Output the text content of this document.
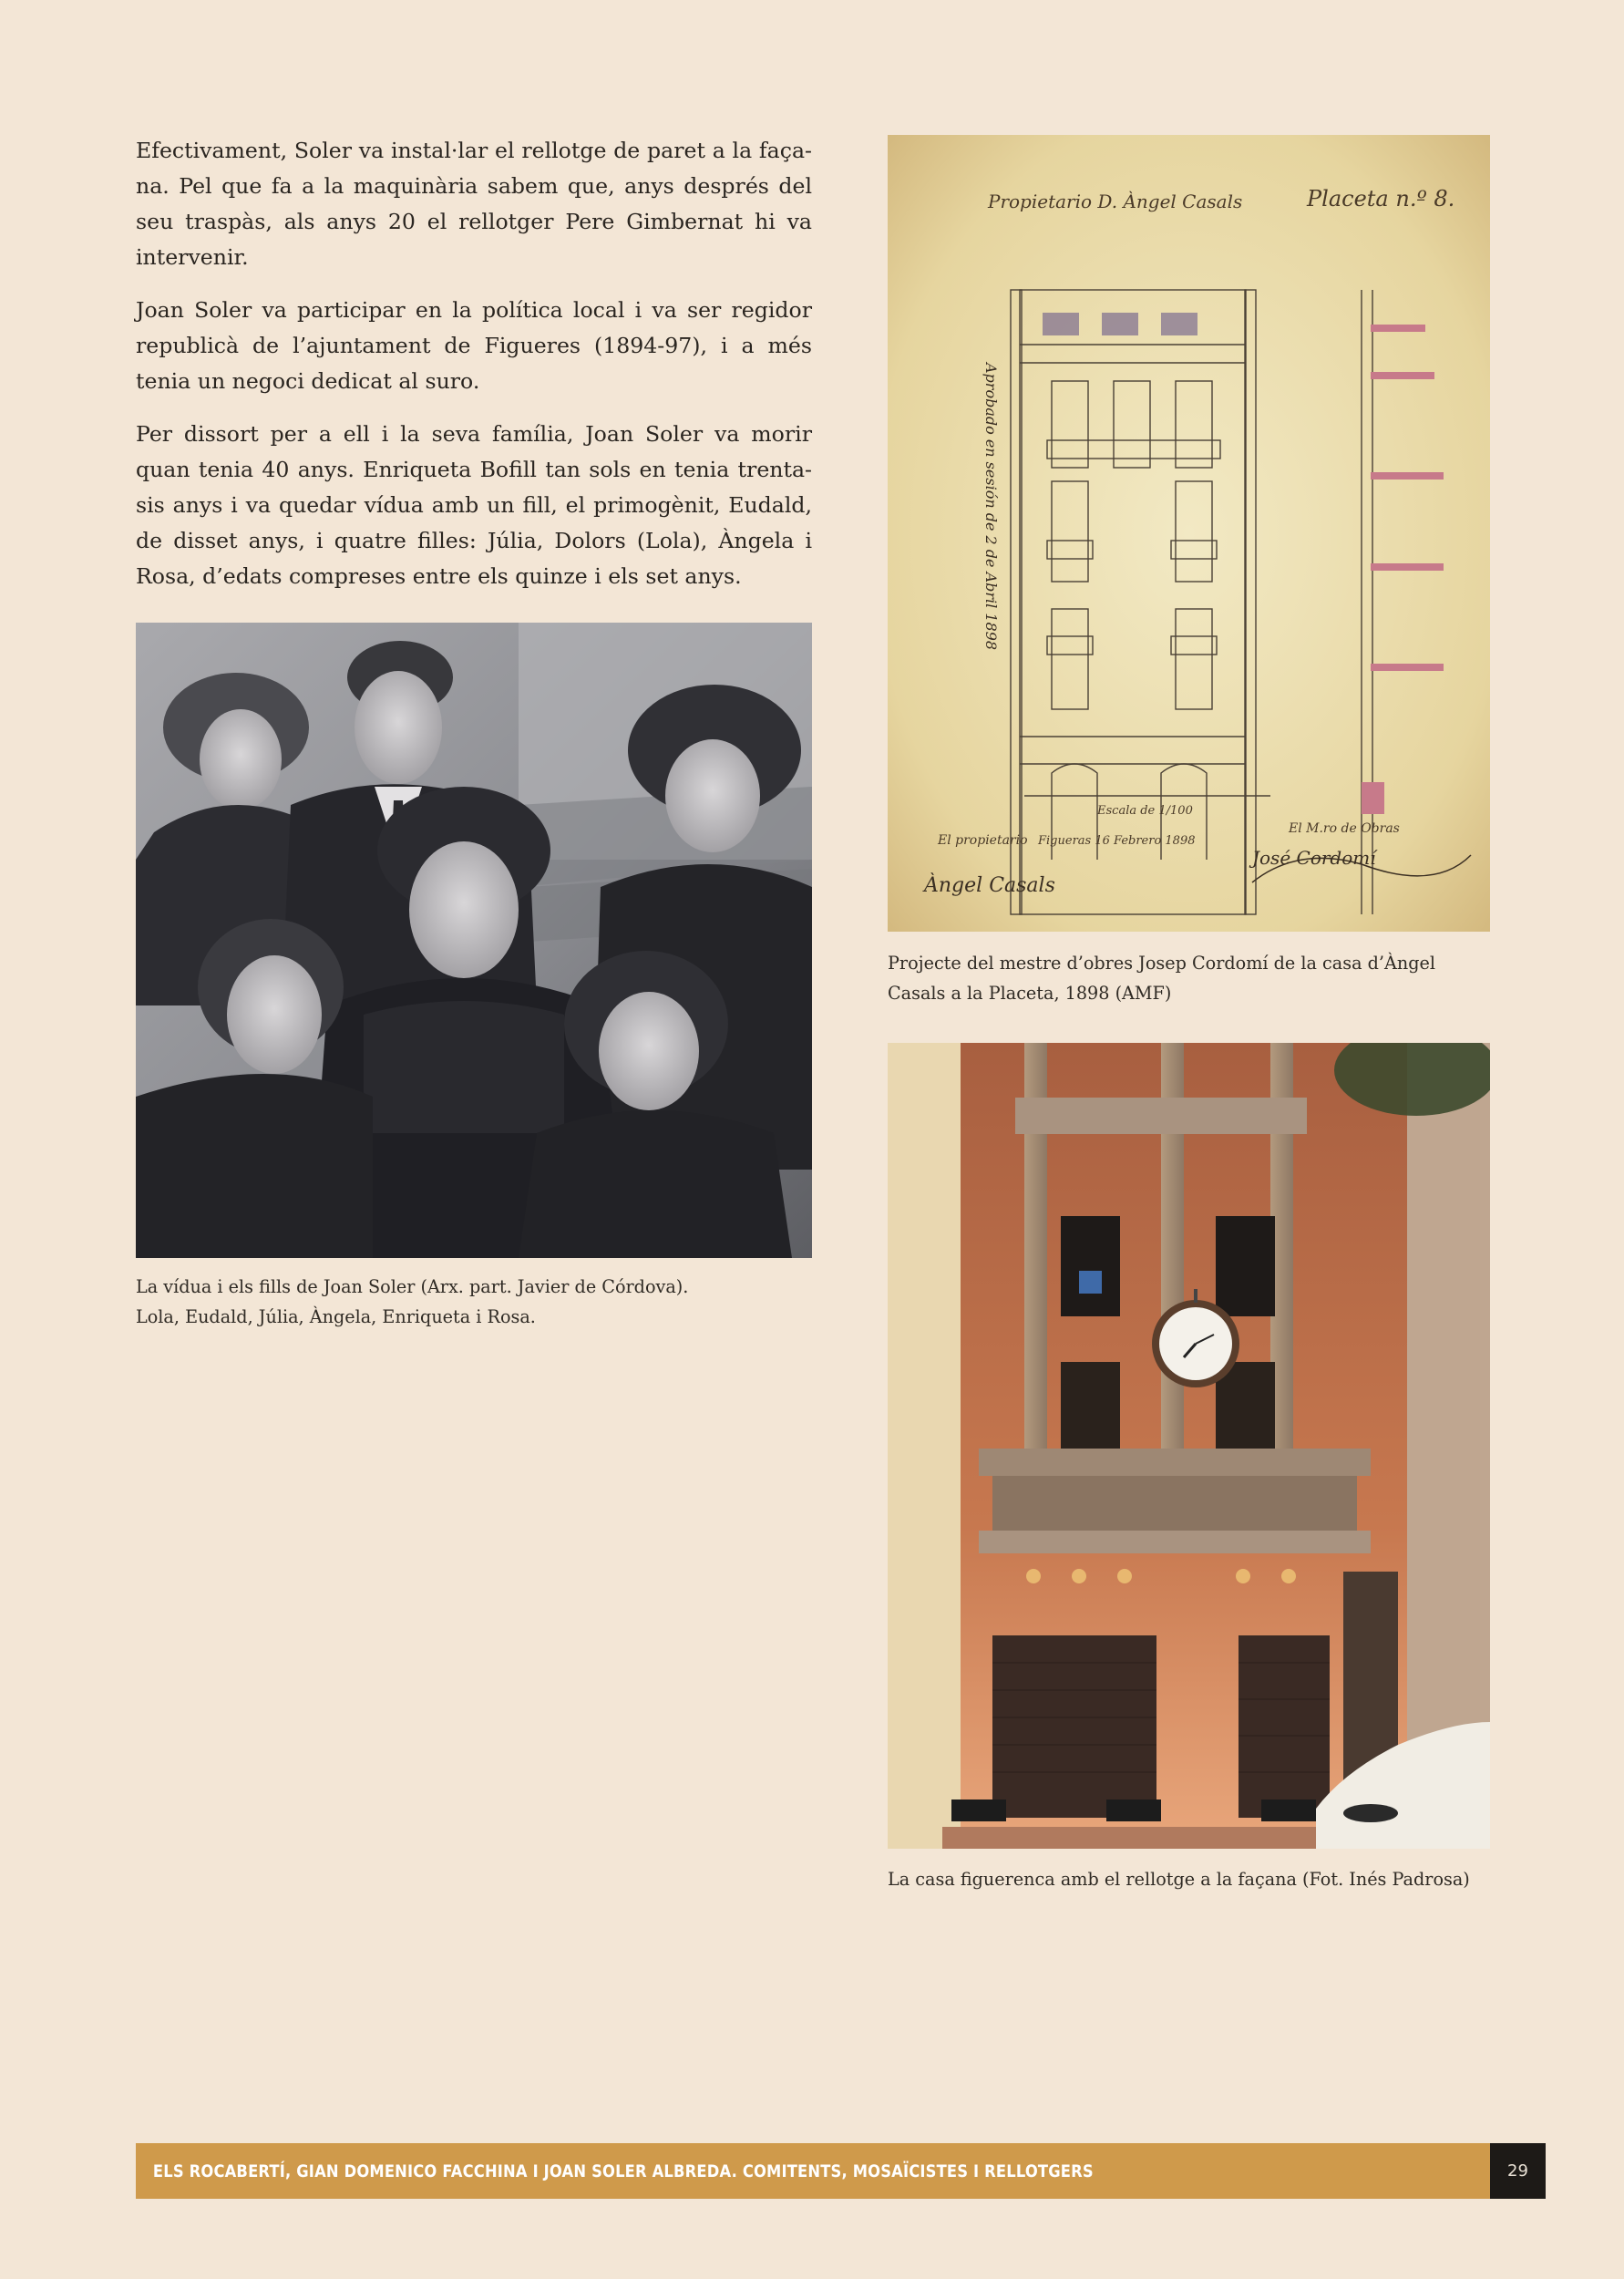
Efectivament, Soler va instal·lar el rellotge de paret a la façana. Pel que fa a la maquinària sabem que, anys després del seu traspàs, als anys 20 el rellotger Pere Gimbernat hi va intervenir.

Joan Soler va participar en la política local i va ser regidor republicà de l’ajuntament de Figueres (1894-97), i a més tenia un negoci dedicat al suro.

Per dissort per a ell i la seva família, Joan Soler va morir quan tenia 40 anys. Enriqueta Bofill tan sols en tenia trenta-sis anys i va quedar vídua amb un fill, el primogènit, Eudald, de disset anys, i quatre filles: Júlia, Dolors (Lola), Àngela i Rosa, d’edats compreses entre els quinze i els set anys.

La vídua i els fills de Joan Soler (Arx. part. Javier de Córdova).
Lola, Eudald, Júlia, Àngela, Enriqueta i Rosa.
Propietario D. Àngel Casals	Placeta n.º 8.
Escala de 1/100
El propietario Figueras 16 Febrero 1898
El M.ro de Obras
Àngel Casals
José Cordomí
Aprobado en sesión de 2 de Abril 1898
Projecte del mestre d’obres Josep Cordomí de la casa d’Àngel Casals a la Placeta, 1898 (AMF)
La casa figuerenca amb el rellotge a la façana (Fot. Inés Padrosa)
ELS ROCABERTÍ, GIAN DOMENICO FACCHINA I JOAN SOLER ALBREDA. COMITENTS, MOSAÏCISTES I RELLOTGERS	29
